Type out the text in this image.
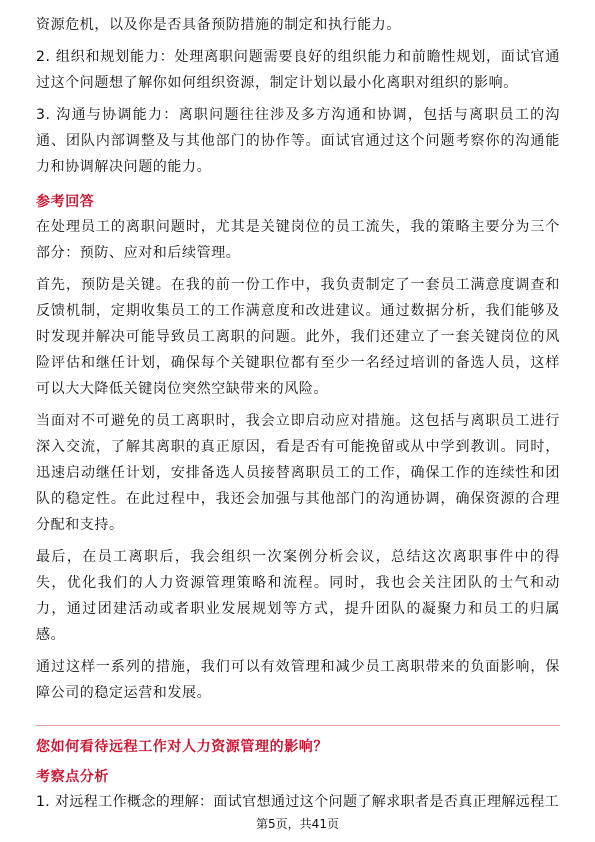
资源危机，以及你是否具备预防措施的制定和执行能力。

2. 组织和规划能力：处理离职问题需要良好的组织能力和前瞻性规划，面试官通过这个问题想了解你如何组织资源，制定计划以最小化离职对组织的影响。

3. 沟通与协调能力：离职问题往往涉及多方沟通和协调，包括与离职员工的沟通、团队内部调整及与其他部门的协作等。面试官通过这个问题考察你的沟通能力和协调解决问题的能力。

参考回答

在处理员工的离职问题时，尤其是关键岗位的员工流失，我的策略主要分为三个部分：预防、应对和后续管理。

首先，预防是关键。在我的前一份工作中，我负责制定了一套员工满意度调查和反馈机制，定期收集员工的工作满意度和改进建议。通过数据分析，我们能够及时发现并解决可能导致员工离职的问题。此外，我们还建立了一套关键岗位的风险评估和继任计划，确保每个关键职位都有至少一名经过培训的备选人员，这样可以大大降低关键岗位突然空缺带来的风险。

当面对不可避免的员工离职时，我会立即启动应对措施。这包括与离职员工进行深入交流，了解其离职的真正原因，看是否有可能挽留或从中学到教训。同时，迅速启动继任计划，安排备选人员接替离职员工的工作，确保工作的连续性和团队的稳定性。在此过程中，我还会加强与其他部门的沟通协调，确保资源的合理分配和支持。

最后，在员工离职后，我会组织一次案例分析会议，总结这次离职事件中的得失，优化我们的人力资源管理策略和流程。同时，我也会关注团队的士气和动力，通过团建活动或者职业发展规划等方式，提升团队的凝聚力和员工的归属感。

通过这样一系列的措施，我们可以有效管理和减少员工离职带来的负面影响，保障公司的稳定运营和发展。

您如何看待远程工作对人力资源管理的影响？

考察点分析

1. 对远程工作概念的理解：面试官想通过这个问题了解求职者是否真正理解远程工

第5页，共41页
